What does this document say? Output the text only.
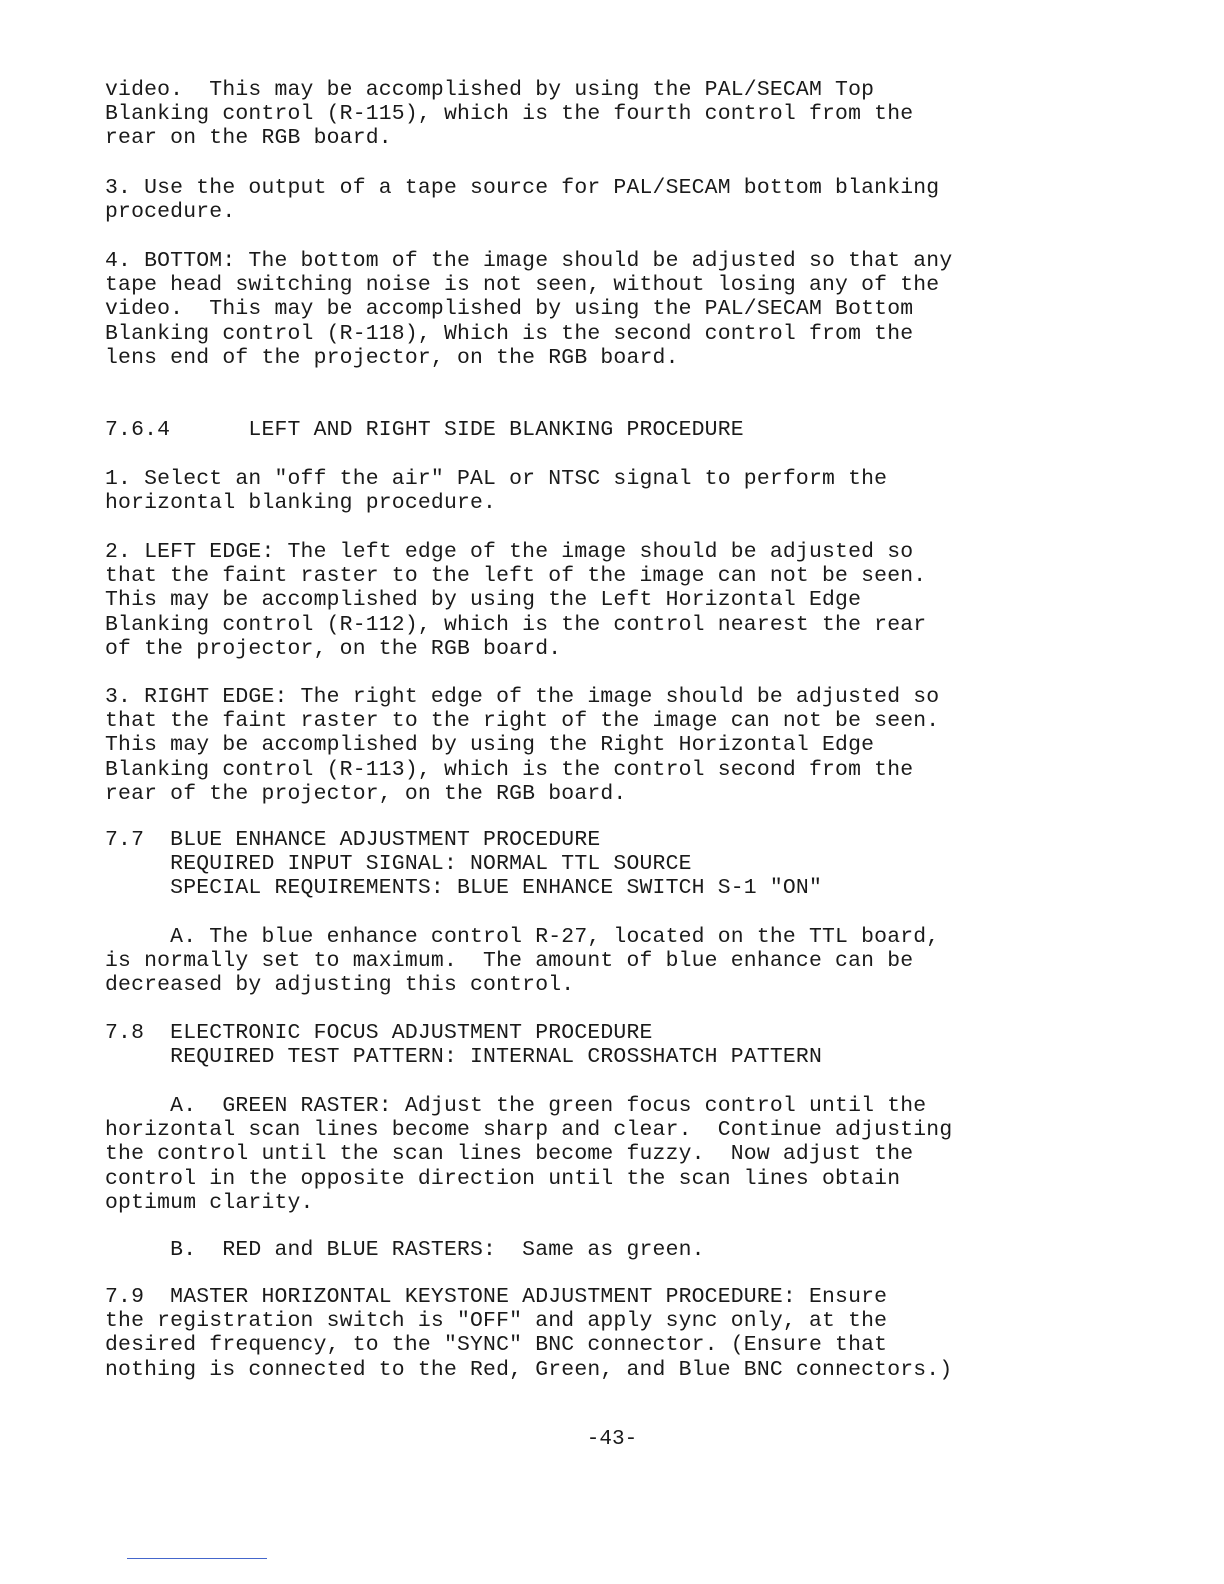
video.  This may be accomplished by using the PAL/SECAM Top
Blanking control (R-115), which is the fourth control from the
rear on the RGB board.

3. Use the output of a tape source for PAL/SECAM bottom blanking
procedure.

4. BOTTOM: The bottom of the image should be adjusted so that any
tape head switching noise is not seen, without losing any of the
video.  This may be accomplished by using the PAL/SECAM Bottom
Blanking control (R-118), Which is the second control from the
lens end of the projector, on the RGB board.

7.6.4      LEFT AND RIGHT SIDE BLANKING PROCEDURE

1. Select an "off the air" PAL or NTSC signal to perform the
horizontal blanking procedure.

2. LEFT EDGE: The left edge of the image should be adjusted so
that the faint raster to the left of the image can not be seen.
This may be accomplished by using the Left Horizontal Edge
Blanking control (R-112), which is the control nearest the rear
of the projector, on the RGB board.

3. RIGHT EDGE: The right edge of the image should be adjusted so
that the faint raster to the right of the image can not be seen.
This may be accomplished by using the Right Horizontal Edge
Blanking control (R-113), which is the control second from the
rear of the projector, on the RGB board.

7.7  BLUE ENHANCE ADJUSTMENT PROCEDURE
REQUIRED INPUT SIGNAL: NORMAL TTL SOURCE
SPECIAL REQUIREMENTS: BLUE ENHANCE SWITCH S-1 "ON"

A. The blue enhance control R-27, located on the TTL board,
is normally set to maximum.  The amount of blue enhance can be
decreased by adjusting this control.

7.8  ELECTRONIC FOCUS ADJUSTMENT PROCEDURE
REQUIRED TEST PATTERN: INTERNAL CROSSHATCH PATTERN

A.  GREEN RASTER: Adjust the green focus control until the
horizontal scan lines become sharp and clear.  Continue adjusting
the control until the scan lines become fuzzy.  Now adjust the
control in the opposite direction until the scan lines obtain
optimum clarity.

B.  RED and BLUE RASTERS:  Same as green.

7.9  MASTER HORIZONTAL KEYSTONE ADJUSTMENT PROCEDURE: Ensure
the registration switch is "OFF" and apply sync only, at the
desired frequency, to the "SYNC" BNC connector. (Ensure that
nothing is connected to the Red, Green, and Blue BNC connectors.)

-43-
